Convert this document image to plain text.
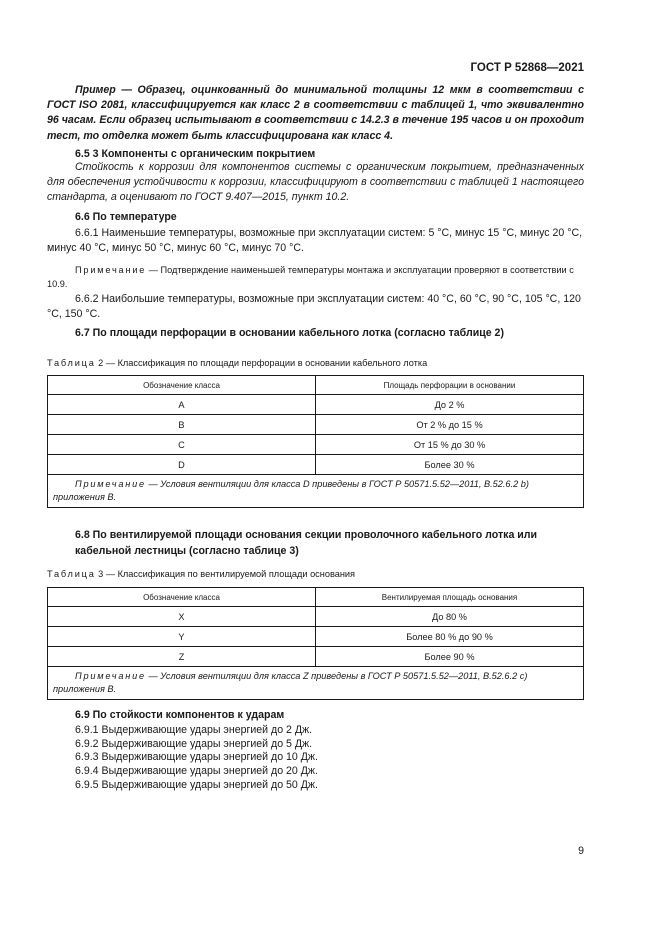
ГОСТ Р 52868—2021
Пример — Образец, оцинкованный до минимальной толщины 12 мкм в соответствии с ГОСТ ISO 2081, классифицируется как класс 2 в соответствии с таблицей 1, что эквивалентно 96 часам. Если образец испытывают в соответствии с 14.2.3 в течение 195 часов и он проходит тест, то отделка может быть классифицирована как класс 4.
6.5 3 Компоненты с органическим покрытием
Стойкость к коррозии для компонентов системы с органическим покрытием, предназначенных для обеспечения устойчивости к коррозии, классифицируют в соответствии с таблицей 1 настоящего стандарта, а оценивают по ГОСТ 9.407—2015, пункт 10.2.
6.6 По температуре
6.6.1 Наименьшие температуры, возможные при эксплуатации систем: 5 °С, минус 15 °С, минус 20 °С, минус 40 °С, минус 50 °С, минус 60 °С, минус 70 °С.
Примечание — Подтверждение наименьшей температуры монтажа и эксплуатации проверяют в соответствии с 10.9.
6.6.2 Наибольшие температуры, возможные при эксплуатации систем: 40 °С, 60 °С, 90 °С, 105 °С, 120 °С, 150 °С.
6.7 По площади перфорации в основании кабельного лотка (согласно таблице 2)
Таблица 2 — Классификация по площади перфорации в основании кабельного лотка
Обозначение класса	Площадь перфорации в основании
A	До 2 %
B	От 2 % до 15 %
C	От 15 % до 30 %
D	Более 30 %
Примечание — Условия вентиляции для класса D приведены в ГОСТ Р 50571.5.52—2011, В.52.6.2 b) приложения В.	
6.8 По вентилируемой площади основания секции проволочного кабельного лотка или кабельной лестницы (согласно таблице 3)
Таблица 3 — Классификация по вентилируемой площади основания
Обозначение класса	Вентилируемая площадь основания
X	До 80 %
Y	Более 80 % до 90 %
Z	Более 90 %
Примечание — Условия вентиляции для класса Z приведены в ГОСТ Р 50571.5.52—2011, В.52.6.2 с) приложения В.	
6.9 По стойкости компонентов к ударам
6.9.1 Выдерживающие удары энергией до 2 Дж.
6.9.2 Выдерживающие удары энергией до 5 Дж.
6.9.3 Выдерживающие удары энергией до 10 Дж.
6.9.4 Выдерживающие удары энергией до 20 Дж.
6.9.5 Выдерживающие удары энергией до 50 Дж.
9
